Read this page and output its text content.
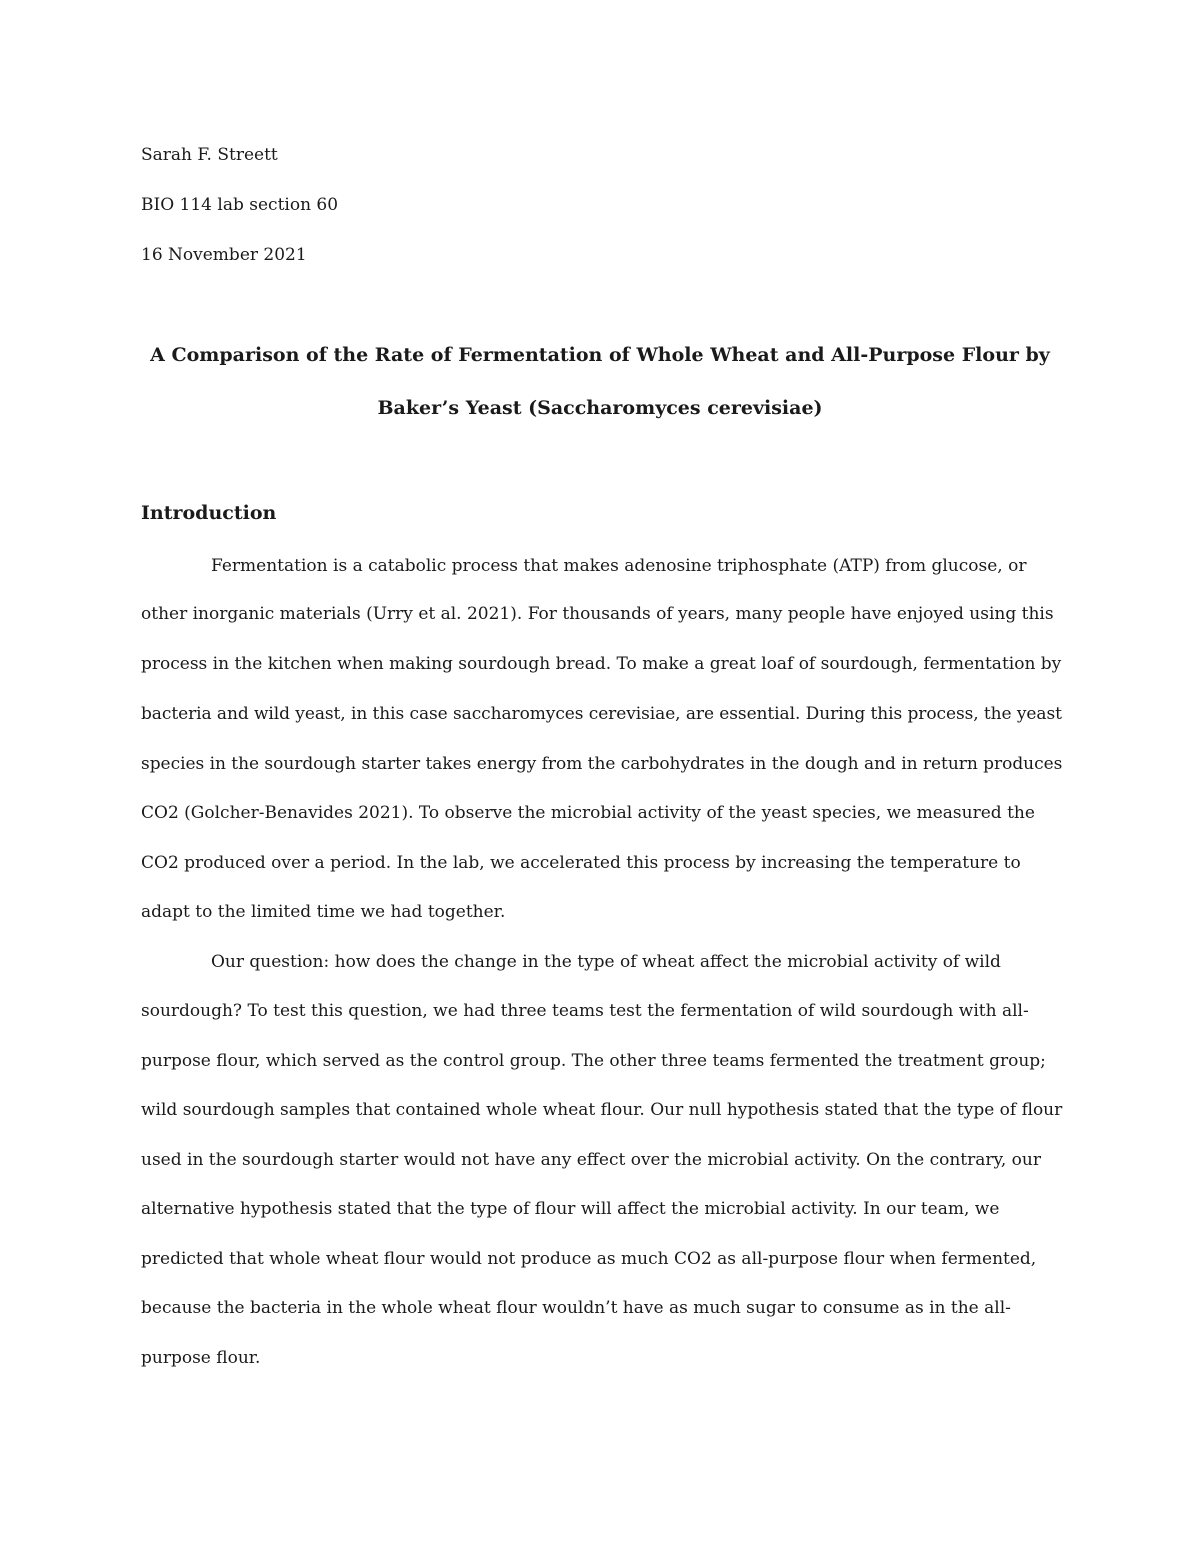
Sarah F. Streett
BIO 114 lab section 60
16 November 2021
A Comparison of the Rate of Fermentation of Whole Wheat and All-Purpose Flour by
Baker’s Yeast (Saccharomyces cerevisiae)
Introduction
Fermentation is a catabolic process that makes adenosine triphosphate (ATP) from glucose, or
other inorganic materials (Urry et al. 2021). For thousands of years, many people have enjoyed using this
process in the kitchen when making sourdough bread. To make a great loaf of sourdough, fermentation by
bacteria and wild yeast, in this case saccharomyces cerevisiae, are essential. During this process, the yeast
species in the sourdough starter takes energy from the carbohydrates in the dough and in return produces
CO2 (Golcher-Benavides 2021). To observe the microbial activity of the yeast species, we measured the
CO2 produced over a period. In the lab, we accelerated this process by increasing the temperature to
adapt to the limited time we had together.
Our question: how does the change in the type of wheat affect the microbial activity of wild
sourdough? To test this question, we had three teams test the fermentation of wild sourdough with all-
purpose flour, which served as the control group. The other three teams fermented the treatment group;
wild sourdough samples that contained whole wheat flour. Our null hypothesis stated that the type of flour
used in the sourdough starter would not have any effect over the microbial activity. On the contrary, our
alternative hypothesis stated that the type of flour will affect the microbial activity. In our team, we
predicted that whole wheat flour would not produce as much CO2 as all-purpose flour when fermented,
because the bacteria in the whole wheat flour wouldn’t have as much sugar to consume as in the all-
purpose flour.
